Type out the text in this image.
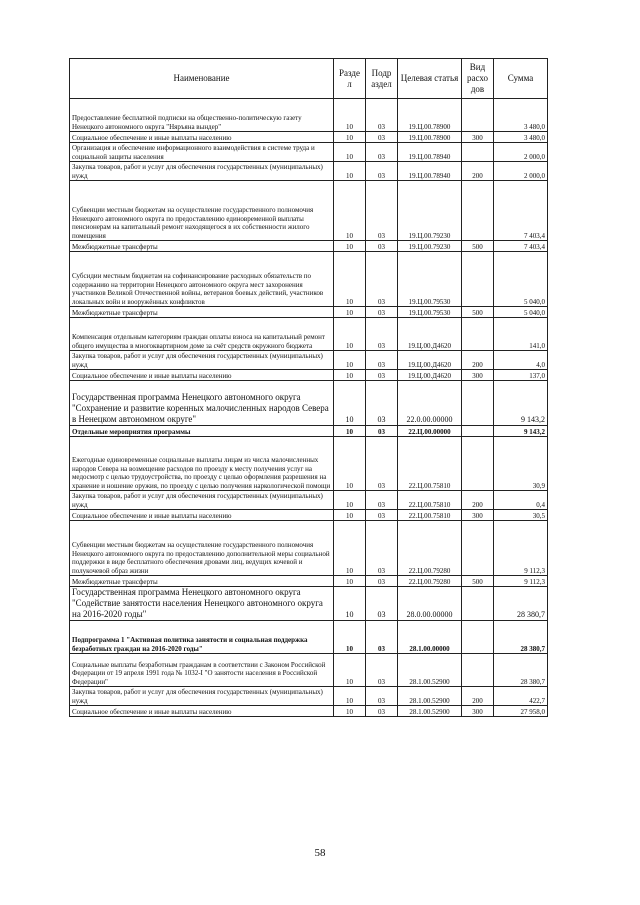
Наименование	Разде л	Подр аздел	Целевая статья	Вид расхо дов	Сумма
Предоставление бесплатной подписки на общественно-политическую газету Ненецкого автономного округа "Няръяна вындер"	10	03	19.Ц.00.78900		3 480,0
Социальное обеспечение и иные выплаты населению	10	03	19.Ц.00.78900	300	3 480,0
Организация и обеспечение информационного взаимодействия в системе труда и социальной защиты населения	10	03	19.Ц.00.78940		2 000,0
Закупка товаров, работ и услуг для обеспечения государственных (муниципальных) нужд	10	03	19.Ц.00.78940	200	2 000,0
Субвенции местным бюджетам на осуществление государственного полномочия Ненецкого автономного округа по предоставлению единовременной выплаты пенсионерам на капитальный ремонт находящегося в их собственности жилого помещения	10	03	19.Ц.00.79230		7 403,4
Межбюджетные трансферты	10	03	19.Ц.00.79230	500	7 403,4
Субсидии местным бюджетам на софинансирование расходных обязательств по содержанию на территории Ненецкого автономного округа мест захоронения участников Великой Отечественной войны, ветеранов боевых действий, участников локальных войн и вооружённых конфликтов	10	03	19.Ц.00.79530		5 040,0
Межбюджетные трансферты	10	03	19.Ц.00.79530	500	5 040,0
Компенсация отдельным категориям граждан оплаты взноса на капитальный ремонт общего имущества в многоквартирном доме за счёт средств окружного бюджета	10	03	19.Ц.00.Д4620		141,0
Закупка товаров, работ и услуг для обеспечения государственных (муниципальных) нужд	10	03	19.Ц.00.Д4620	200	4,0
Социальное обеспечение и иные выплаты населению	10	03	19.Ц.00.Д4620	300	137,0
Государственная программа Ненецкого автономного округа "Сохранение и развитие коренных малочисленных народов Севера в Ненецком автономном округе"	10	03	22.0.00.00000		9 143,2
Отдельные мероприятия программы	10	03	22.Ц.00.00000		9 143,2
Ежегодные единовременные социальные выплаты лицам из числа малочисленных народов Севера на возмещение расходов по проезду к месту получения услуг на медосмотр с целью трудоустройства, по проезду с целью оформления разрешения на хранение и ношение оружия, по проезду с целью получения наркологической помощи	10	03	22.Ц.00.75810		30,9
Закупка товаров, работ и услуг для обеспечения государственных (муниципальных) нужд	10	03	22.Ц.00.75810	200	0,4
Социальное обеспечение и иные выплаты населению	10	03	22.Ц.00.75810	300	30,5
Субвенции местным бюджетам на осуществление государственного полномочия Ненецкого автономного округа по предоставлению дополнительной меры социальной поддержки в виде бесплатного обеспечения дровами лиц, ведущих кочевой и полукочевой образ жизни	10	03	22.Ц.00.79280		9 112,3
Межбюджетные трансферты	10	03	22.Ц.00.79280	500	9 112,3
Государственная программа Ненецкого автономного округа "Содействие занятости населения Ненецкого автономного округа на 2016-2020 годы"	10	03	28.0.00.00000		28 380,7
Подпрограмма 1 "Активная политика занятости и социальная поддержка безработных граждан на 2016-2020 годы"	10	03	28.1.00.00000		28 380,7
Социальные выплаты безработным гражданам в соответствии с Законом Российской Федерации от 19 апреля 1991 года № 1032-I "О занятости населения в Российской Федерации"	10	03	28.1.00.52900		28 380,7
Закупка товаров, работ и услуг для обеспечения государственных (муниципальных) нужд	10	03	28.1.00.52900	200	422,7
Социальное обеспечение и иные выплаты населению	10	03	28.1.00.52900	300	27 958,0
58
